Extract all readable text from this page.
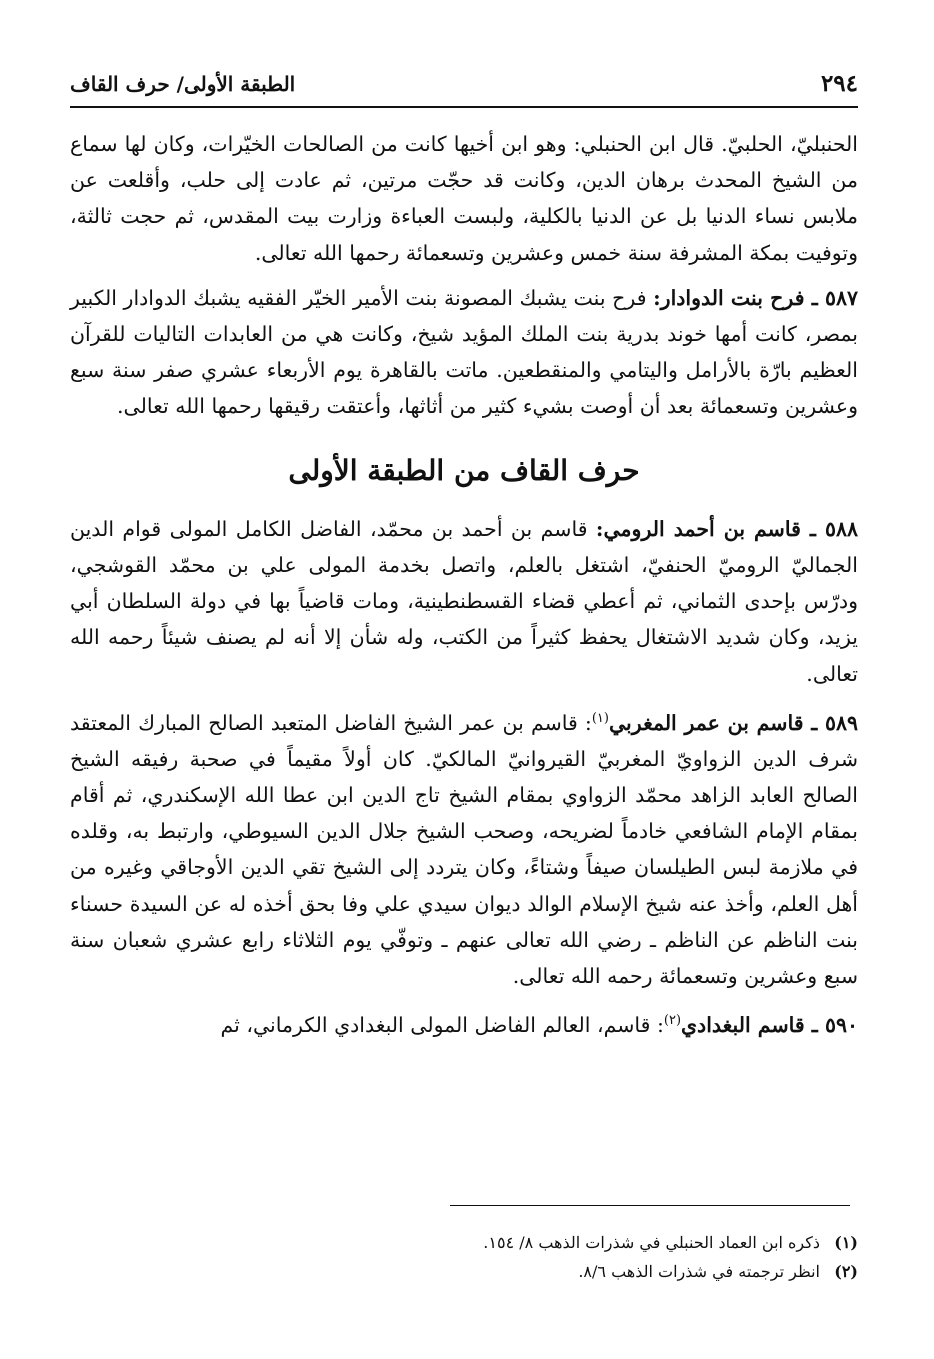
٢٩٤
الطبقة الأولى/ حرف القاف

الحنبليّ، الحلبيّ. قال ابن الحنبلي: وهو ابن أخيها كانت من الصالحات الخيّرات، وكان لها سماع من الشيخ المحدث برهان الدين، وكانت قد حجّت مرتين، ثم عادت إلى حلب، وأقلعت عن ملابس نساء الدنيا بل عن الدنيا بالكلية، ولبست العباءة وزارت بيت المقدس، ثم حجت ثالثة، وتوفيت بمكة المشرفة سنة خمس وعشرين وتسعمائة رحمها الله تعالى.

٥٨٧ ـ فرح بنت الدوادار: فرح بنت يشبك المصونة بنت الأمير الخيّر الفقيه يشبك الدوادار الكبير بمصر، كانت أمها خوند بدرية بنت الملك المؤيد شيخ، وكانت هي من العابدات التاليات للقرآن العظيم بارّة بالأرامل واليتامي والمنقطعين. ماتت بالقاهرة يوم الأربعاء عشري صفر سنة سبع وعشرين وتسعمائة بعد أن أوصت بشيء كثير من أثاثها، وأعتقت رقيقها رحمها الله تعالى.

حرف القاف من الطبقة الأولى

٥٨٨ ـ قاسم بن أحمد الرومي: قاسم بن أحمد بن محمّد، الفاضل الكامل المولى قوام الدين الجماليّ الروميّ الحنفيّ، اشتغل بالعلم، واتصل بخدمة المولى علي بن محمّد القوشجي، ودرّس بإحدى الثماني، ثم أعطي قضاء القسطنطينية، ومات قاضياً بها في دولة السلطان أبي يزيد، وكان شديد الاشتغال يحفظ كثيراً من الكتب، وله شأن إلا أنه لم يصنف شيئاً رحمه الله تعالى.

٥٨٩ ـ قاسم بن عمر المغربي$^{(١)}$: قاسم بن عمر الشيخ الفاضل المتعبد الصالح المبارك المعتقد شرف الدين الزواويّ المغربيّ القيروانيّ المالكيّ. كان أولاً مقيماً في صحبة رفيقه الشيخ الصالح العابد الزاهد محمّد الزواوي بمقام الشيخ تاج الدين ابن عطا الله الإسكندري، ثم أقام بمقام الإمام الشافعي خادماً لضريحه، وصحب الشيخ جلال الدين السيوطي، وارتبط به، وقلده في ملازمة لبس الطيلسان صيفاً وشتاءً، وكان يتردد إلى الشيخ تقي الدين الأوجاقي وغيره من أهل العلم، وأخذ عنه شيخ الإسلام الوالد ديوان سيدي علي وفا بحق أخذه له عن السيدة حسناء بنت الناظم عن الناظم ـ رضي الله تعالى عنهم ـ وتوفّي يوم الثلاثاء رابع عشري شعبان سنة سبع وعشرين وتسعمائة رحمه الله تعالى.

٥٩٠ ـ قاسم البغدادي$^{(٢)}$: قاسم، العالم الفاضل المولى البغدادي الكرماني، ثم

(١)ذكره ابن العماد الحنبلي في شذرات الذهب ٨/ ١٥٤.

(٢)انظر ترجمته في شذرات الذهب ٨/٦.
